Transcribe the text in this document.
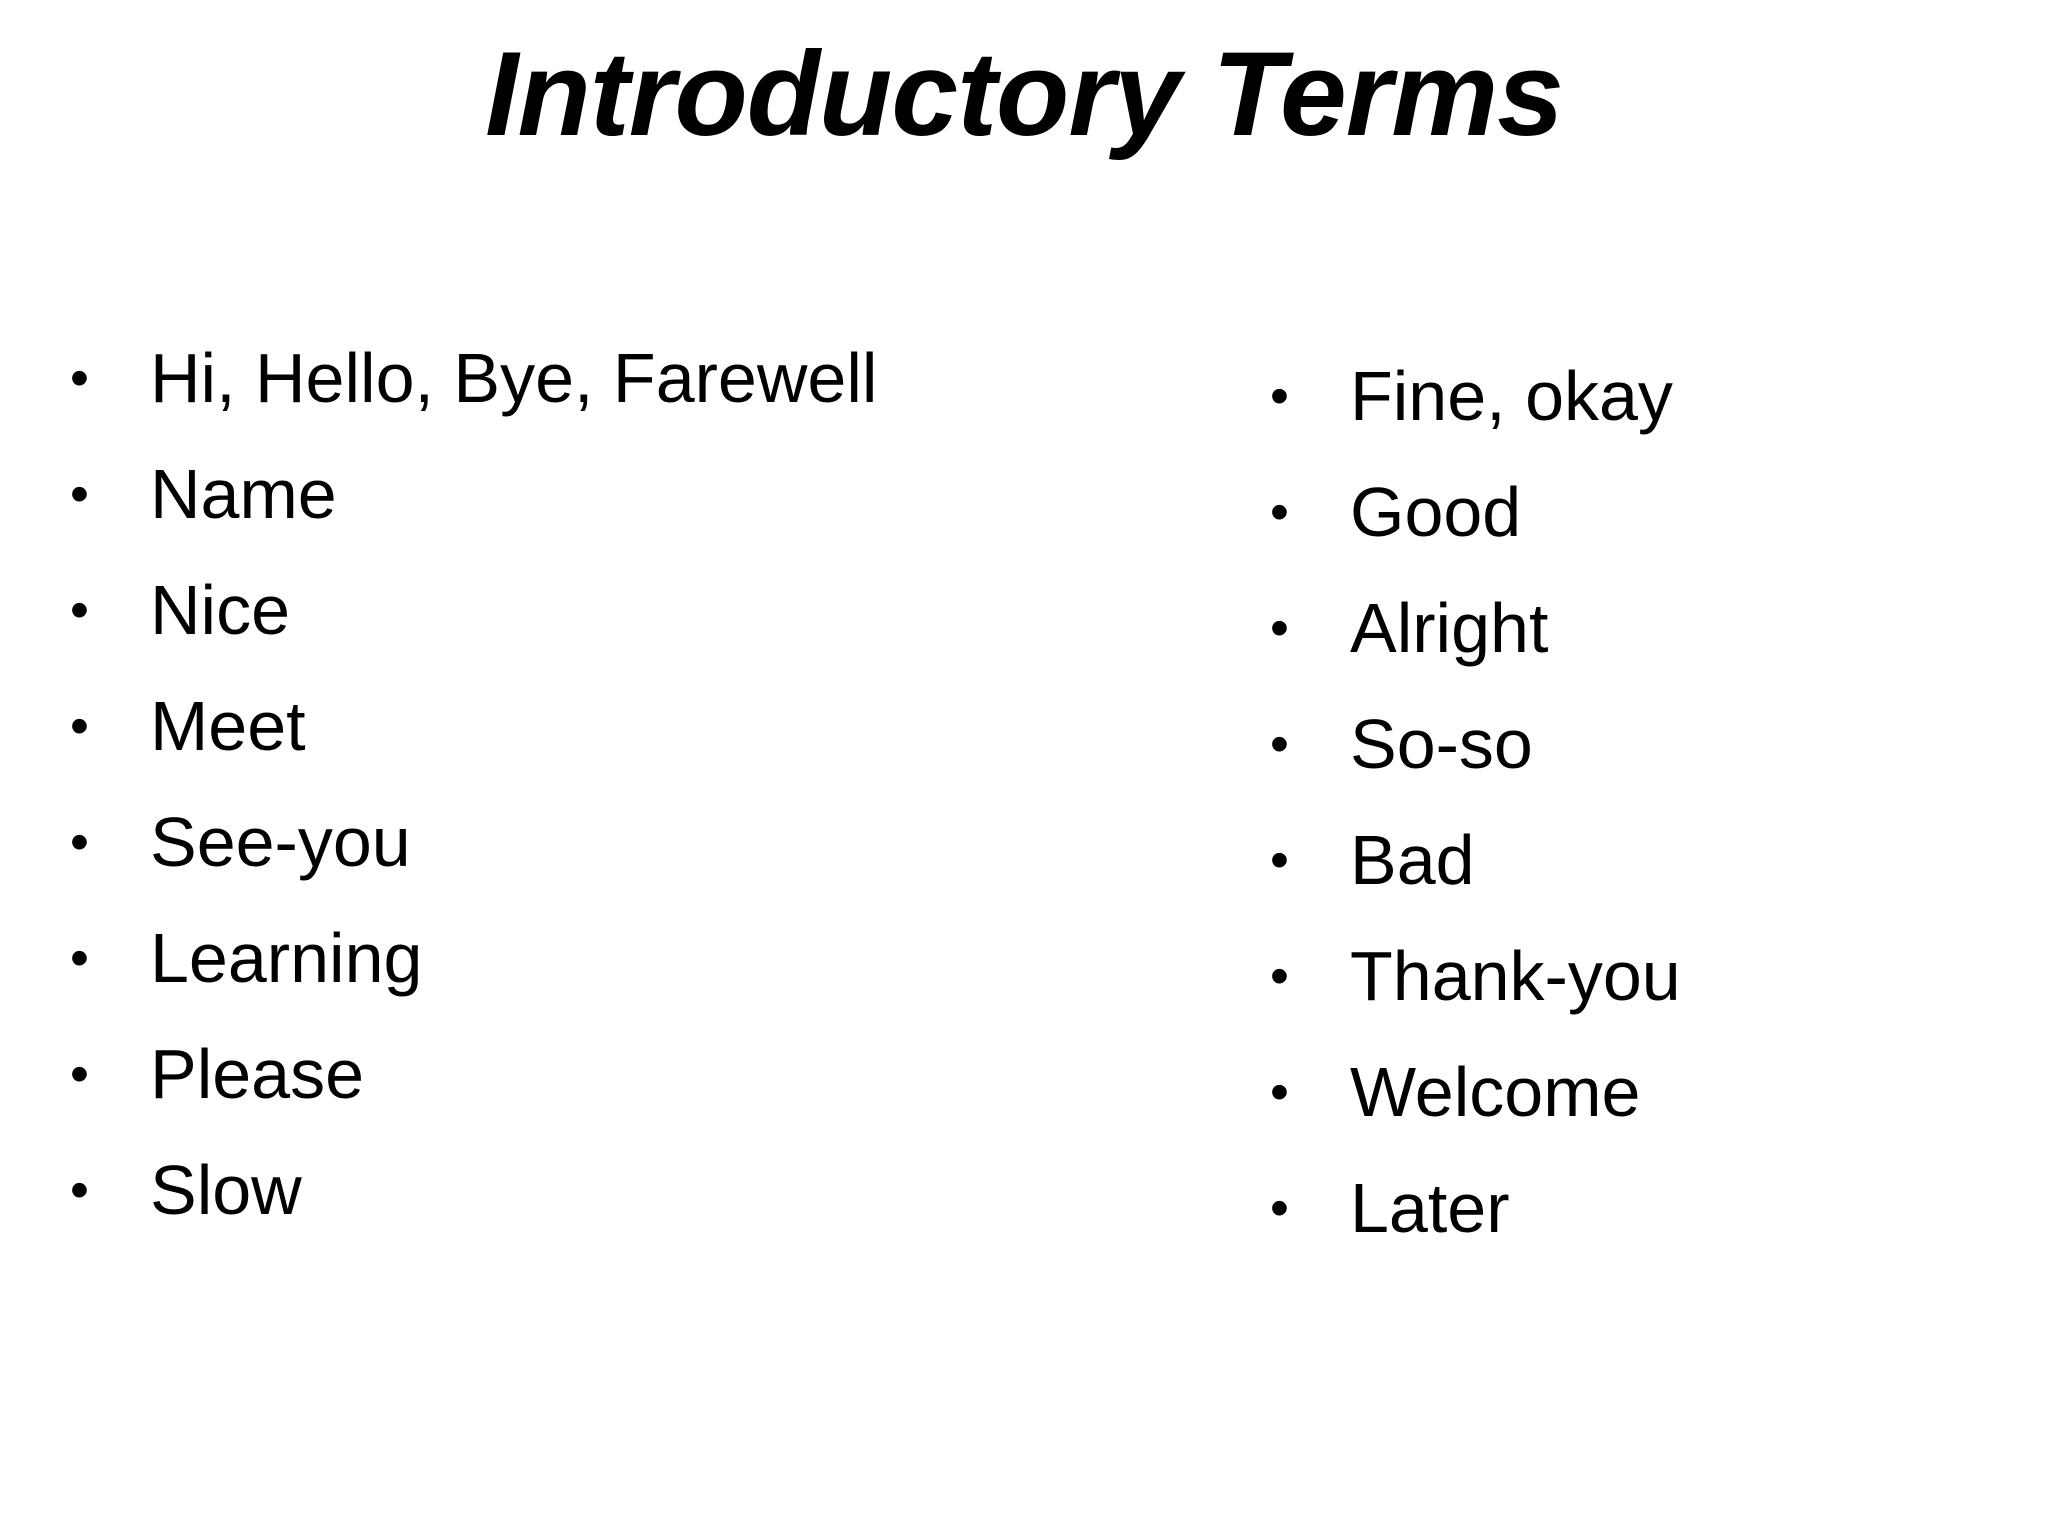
Introductory Terms
• Hi, Hello, Bye, Farewell
• Name
• Nice
• Meet
• See-you
• Learning
• Please
• Slow
• Fine, okay
• Good
• Alright
• So-so
• Bad
• Thank-you
• Welcome
• Later
